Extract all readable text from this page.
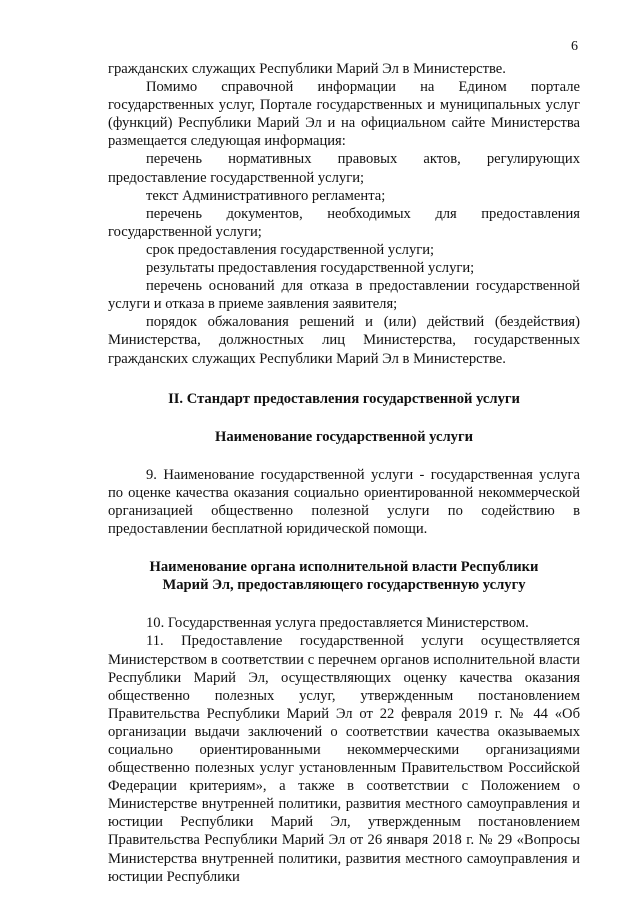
6

гражданских служащих Республики Марий Эл в Министерстве.

Помимо справочной информации на Едином портале государственных услуг, Портале государственных и муниципальных услуг (функций) Республики Марий Эл и на официальном сайте Министерства размещается следующая информация:

перечень нормативных правовых актов, регулирующих предоставление государственной услуги;

текст Административного регламента;

перечень документов, необходимых для предоставления государственной услуги;

срок предоставления государственной услуги;

результаты предоставления государственной услуги;

перечень оснований для отказа в предоставлении государственной услуги и отказа в приеме заявления заявителя;

порядок обжалования решений и (или) действий (бездействия) Министерства, должностных лиц Министерства, государственных гражданских служащих Республики Марий Эл в Министерстве.

II. Стандарт предоставления государственной услуги
Наименование государственной услуги

9. Наименование государственной услуги - государственная услуга по оценке качества оказания социально ориентированной некоммерческой организацией общественно полезной услуги по содействию в предоставлении бесплатной юридической помощи.

Наименование органа исполнительной власти Республики
Марий Эл, предоставляющего государственную услугу

10. Государственная услуга предоставляется Министерством.

11. Предоставление государственной услуги осуществляется Министерством в соответствии с перечнем органов исполнительной власти Республики Марий Эл, осуществляющих оценку качества оказания общественно полезных услуг, утвержденным постановлением Правительства Республики Марий Эл от 22 февраля 2019 г. № 44 «Об организации выдачи заключений о соответствии качества оказываемых социально ориентированными некоммерческими организациями общественно полезных услуг установленным Правительством Российской Федерации критериям», а также в соответствии с Положением о Министерстве внутренней политики, развития местного самоуправления и юстиции Республики Марий Эл, утвержденным постановлением Правительства Республики Марий Эл от 26 января 2018 г. № 29 «Вопросы Министерства внутренней политики, развития местного самоуправления и юстиции Республики
